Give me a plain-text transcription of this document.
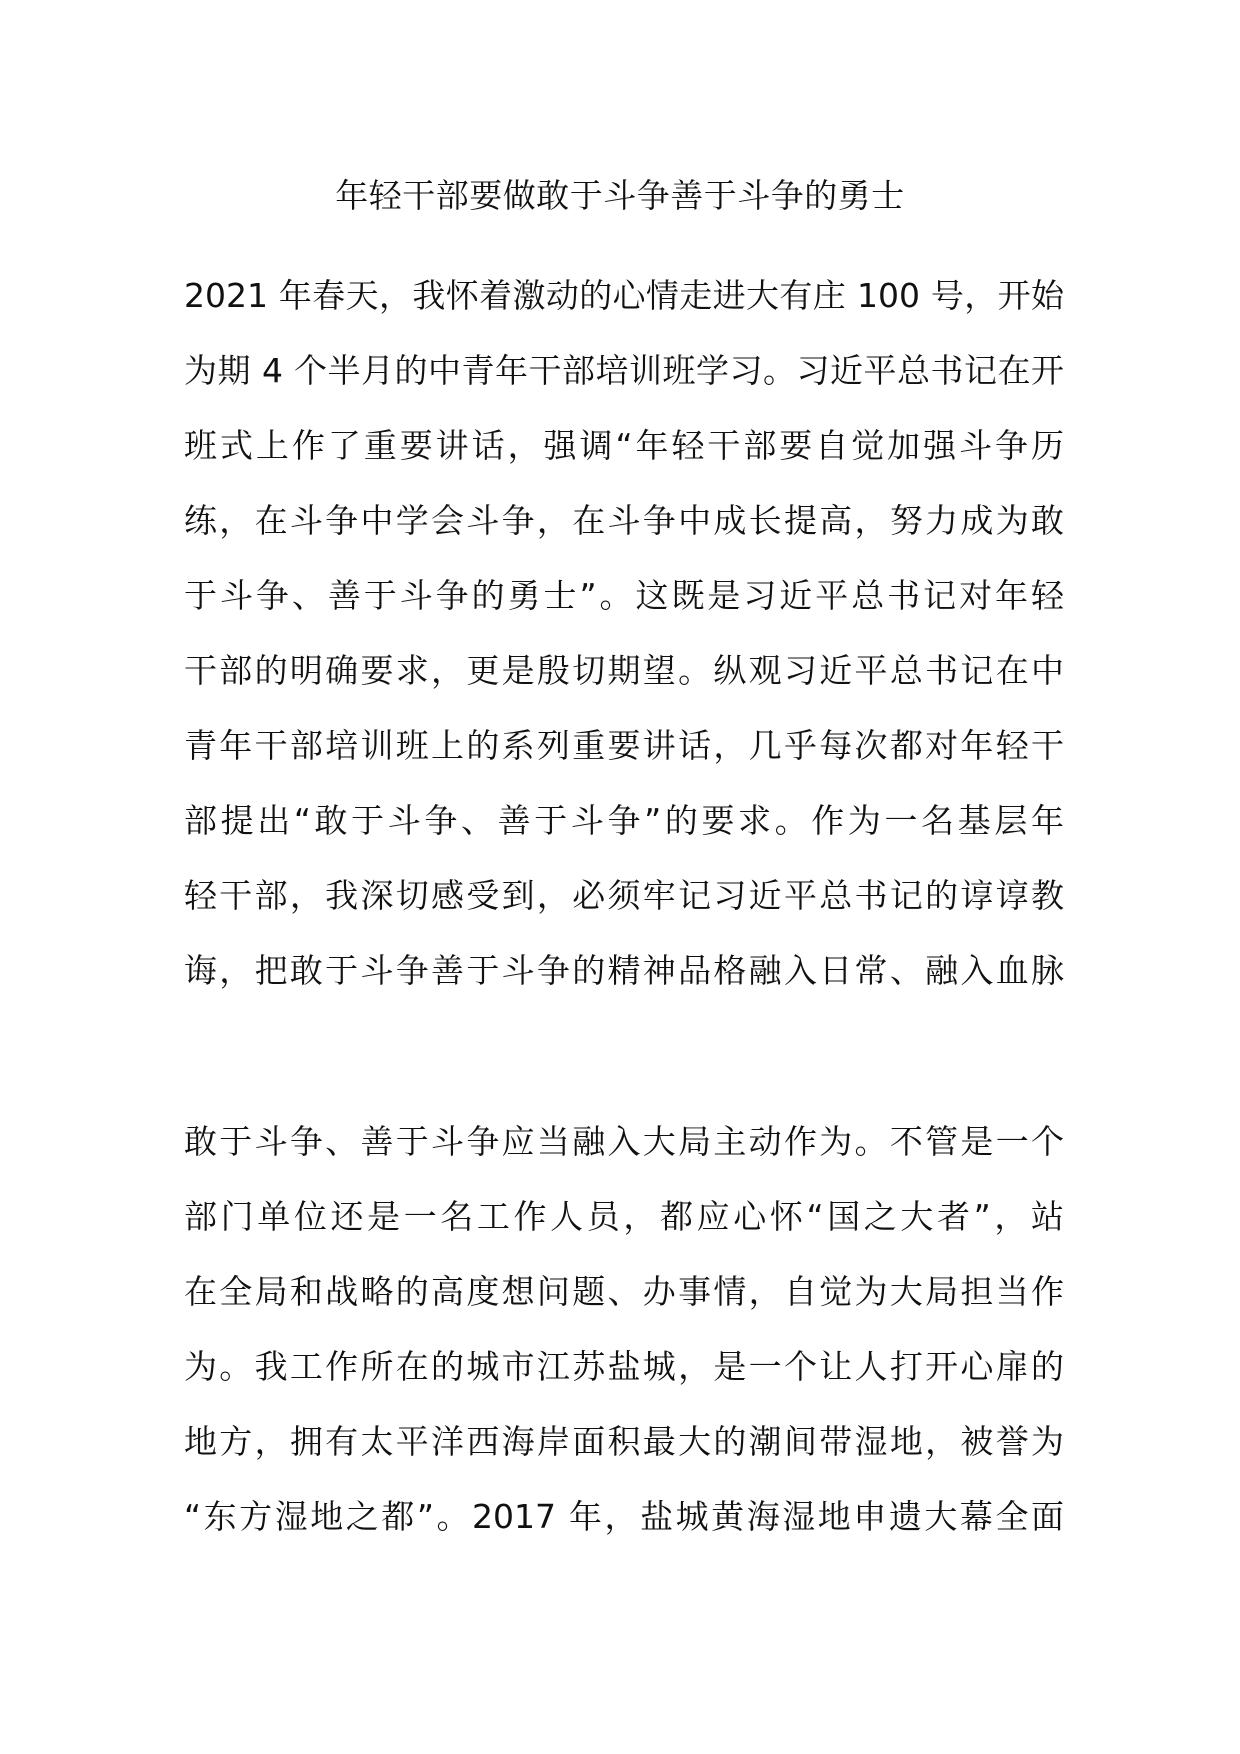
年轻干部要做敢于斗争善于斗争的勇士
2021 年春天，我怀着激动的心情走进大有庄 100 号，开始
为期 4 个半月的中青年干部培训班学习。习近平总书记在开
班式上作了重要讲话，强调“年轻干部要自觉加强斗争历
练，在斗争中学会斗争，在斗争中成长提高，努力成为敢
于斗争、善于斗争的勇士”。这既是习近平总书记对年轻
干部的明确要求，更是殷切期望。纵观习近平总书记在中
青年干部培训班上的系列重要讲话，几乎每次都对年轻干
部提出“敢于斗争、善于斗争”的要求。作为一名基层年
轻干部，我深切感受到，必须牢记习近平总书记的谆谆教
诲，把敢于斗争善于斗争的精神品格融入日常、融入血脉
敢于斗争、善于斗争应当融入大局主动作为。不管是一个
部门单位还是一名工作人员，都应心怀“国之大者”，站
在全局和战略的高度想问题、办事情，自觉为大局担当作
为。我工作所在的城市江苏盐城，是一个让人打开心扉的
地方，拥有太平洋西海岸面积最大的潮间带湿地，被誉为
“东方湿地之都”。2017 年，盐城黄海湿地申遗大幕全面
